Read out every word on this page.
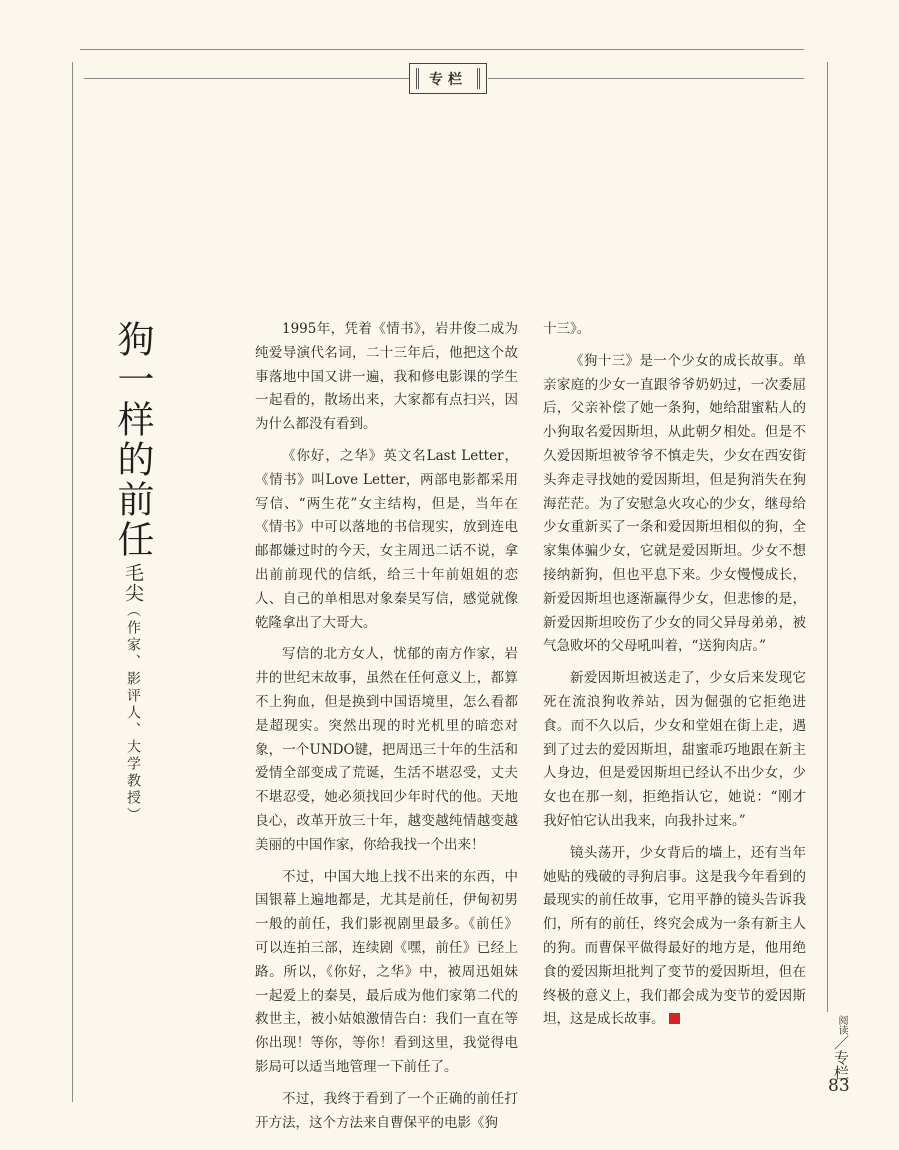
专栏
狗一样的前任
毛尖（作家、影评人、大学教授）

1995年，凭着《情书》，岩井俊二成为纯爱导演代名词，二十三年后，他把这个故事落地中国又讲一遍，我和修电影课的学生一起看的，散场出来，大家都有点扫兴，因为什么都没有看到。

《你好，之华》英文名Last Letter，《情书》叫Love Letter，两部电影都采用写信、“两生花”女主结构，但是，当年在《情书》中可以落地的书信现实，放到连电邮都嫌过时的今天，女主周迅二话不说，拿出前前现代的信纸，给三十年前姐姐的恋人、自己的单相思对象秦昊写信，感觉就像乾隆拿出了大哥大。

写信的北方女人，忧郁的南方作家，岩井的世纪末故事，虽然在任何意义上，都算不上狗血，但是换到中国语境里，怎么看都是超现实。突然出现的时光机里的暗恋对象，一个UNDO键，把周迅三十年的生活和爱情全部变成了荒诞，生活不堪忍受，丈夫不堪忍受，她必须找回少年时代的他。天地良心，改革开放三十年，越变越纯情越变越美丽的中国作家，你给我找一个出来！

不过，中国大地上找不出来的东西，中国银幕上遍地都是，尤其是前任，伊甸初男一般的前任，我们影视剧里最多。《前任》可以连拍三部，连续剧《嘿，前任》已经上路。所以，《你好，之华》中，被周迅姐妹一起爱上的秦昊，最后成为他们家第二代的救世主，被小姑娘激情告白：我们一直在等你出现！等你，等你！看到这里，我觉得电影局可以适当地管理一下前任了。

不过，我终于看到了一个正确的前任打开方法，这个方法来自曹保平的电影《狗

十三》。

《狗十三》是一个少女的成长故事。单亲家庭的少女一直跟爷爷奶奶过，一次委屈后，父亲补偿了她一条狗，她给甜蜜粘人的小狗取名爱因斯坦，从此朝夕相处。但是不久爱因斯坦被爷爷不慎走失，少女在西安街头奔走寻找她的爱因斯坦，但是狗消失在狗海茫茫。为了安慰急火攻心的少女，继母给少女重新买了一条和爱因斯坦相似的狗，全家集体骗少女，它就是爱因斯坦。少女不想接纳新狗，但也平息下来。少女慢慢成长，新爱因斯坦也逐渐赢得少女，但悲惨的是，新爱因斯坦咬伤了少女的同父异母弟弟，被气急败坏的父母吼叫着，“送狗肉店。”

新爱因斯坦被送走了，少女后来发现它死在流浪狗收养站，因为倔强的它拒绝进食。而不久以后，少女和堂姐在街上走，遇到了过去的爱因斯坦，甜蜜乖巧地跟在新主人身边，但是爱因斯坦已经认不出少女，少女也在那一刻，拒绝指认它，她说：“刚才我好怕它认出我来，向我扑过来。”

镜头荡开，少女背后的墙上，还有当年她贴的残破的寻狗启事。这是我今年看到的最现实的前任故事，它用平静的镜头告诉我们，所有的前任，终究会成为一条有新主人的狗。而曹保平做得最好的地方是，他用绝食的爱因斯坦批判了变节的爱因斯坦，但在终极的意义上，我们都会成为变节的爱因斯坦，这是成长故事。	阅读／专栏
83
